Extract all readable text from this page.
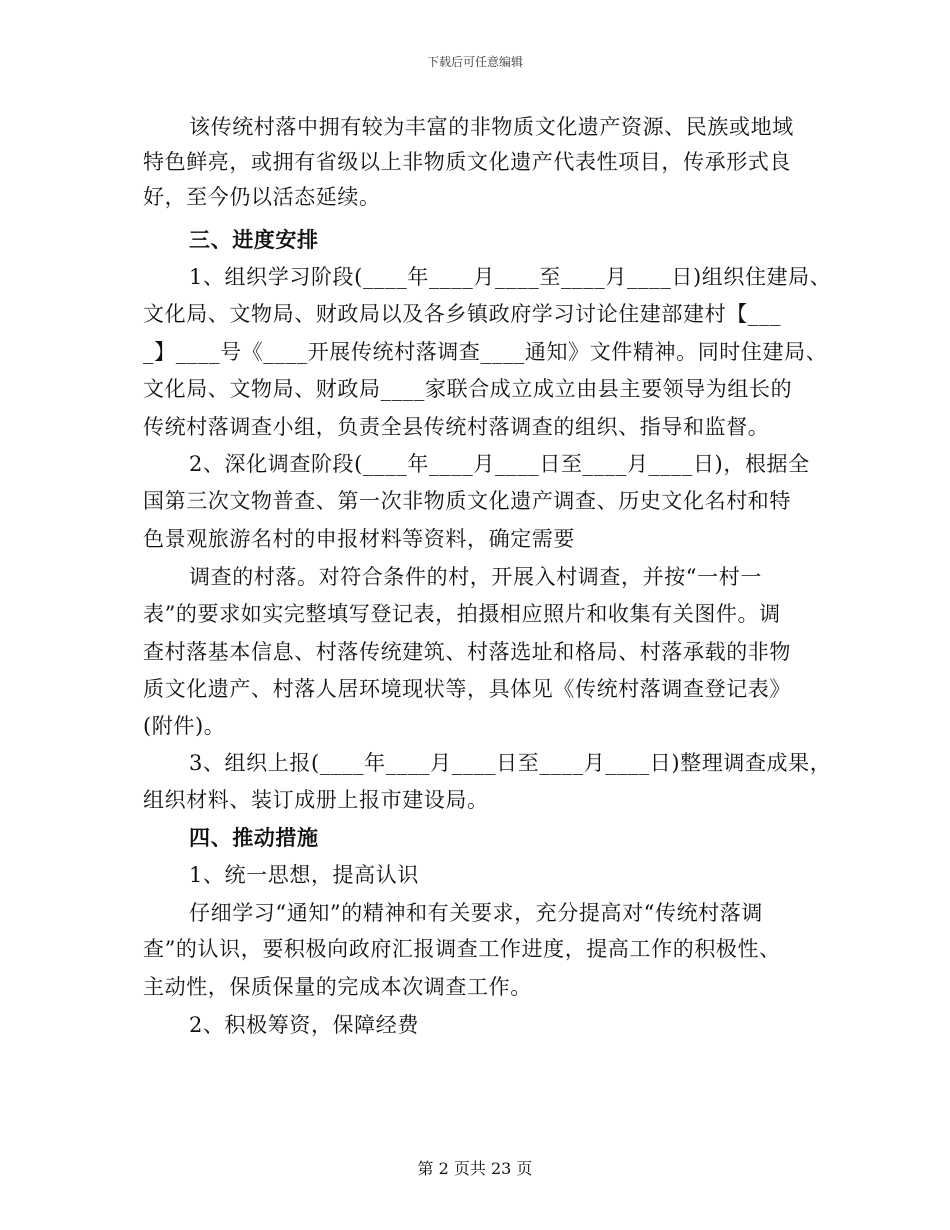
下载后可任意编辑
该传统村落中拥有较为丰富的非物质文化遗产资源、民族或地域
特色鲜亮，或拥有省级以上非物质文化遗产代表性项目，传承形式良
好，至今仍以活态延续。
三、进度安排
1、组织学习阶段(____年____月____至____月____日)组织住建局、
文化局、文物局、财政局以及各乡镇政府学习讨论住建部建村【___
_】____号《____开展传统村落调查____通知》文件精神。同时住建局、
文化局、文物局、财政局____家联合成立成立由县主要领导为组长的
传统村落调查小组，负责全县传统村落调查的组织、指导和监督。
2、深化调查阶段(____年____月____日至____月____日)，根据全
国第三次文物普查、第一次非物质文化遗产调查、历史文化名村和特
色景观旅游名村的申报材料等资料，确定需要
调查的村落。对符合条件的村，开展入村调查，并按“一村一
表”的要求如实完整填写登记表，拍摄相应照片和收集有关图件。调
查村落基本信息、村落传统建筑、村落选址和格局、村落承载的非物
质文化遗产、村落人居环境现状等，具体见《传统村落调查登记表》
(附件)。
3、组织上报(____年____月____日至____月____日)整理调查成果，
组织材料、装订成册上报市建设局。
四、推动措施
1、统一思想，提高认识
仔细学习“通知”的精神和有关要求，充分提高对“传统村落调
查”的认识，要积极向政府汇报调查工作进度，提高工作的积极性、
主动性，保质保量的完成本次调查工作。
2、积极筹资，保障经费
第 2 页共 23 页
